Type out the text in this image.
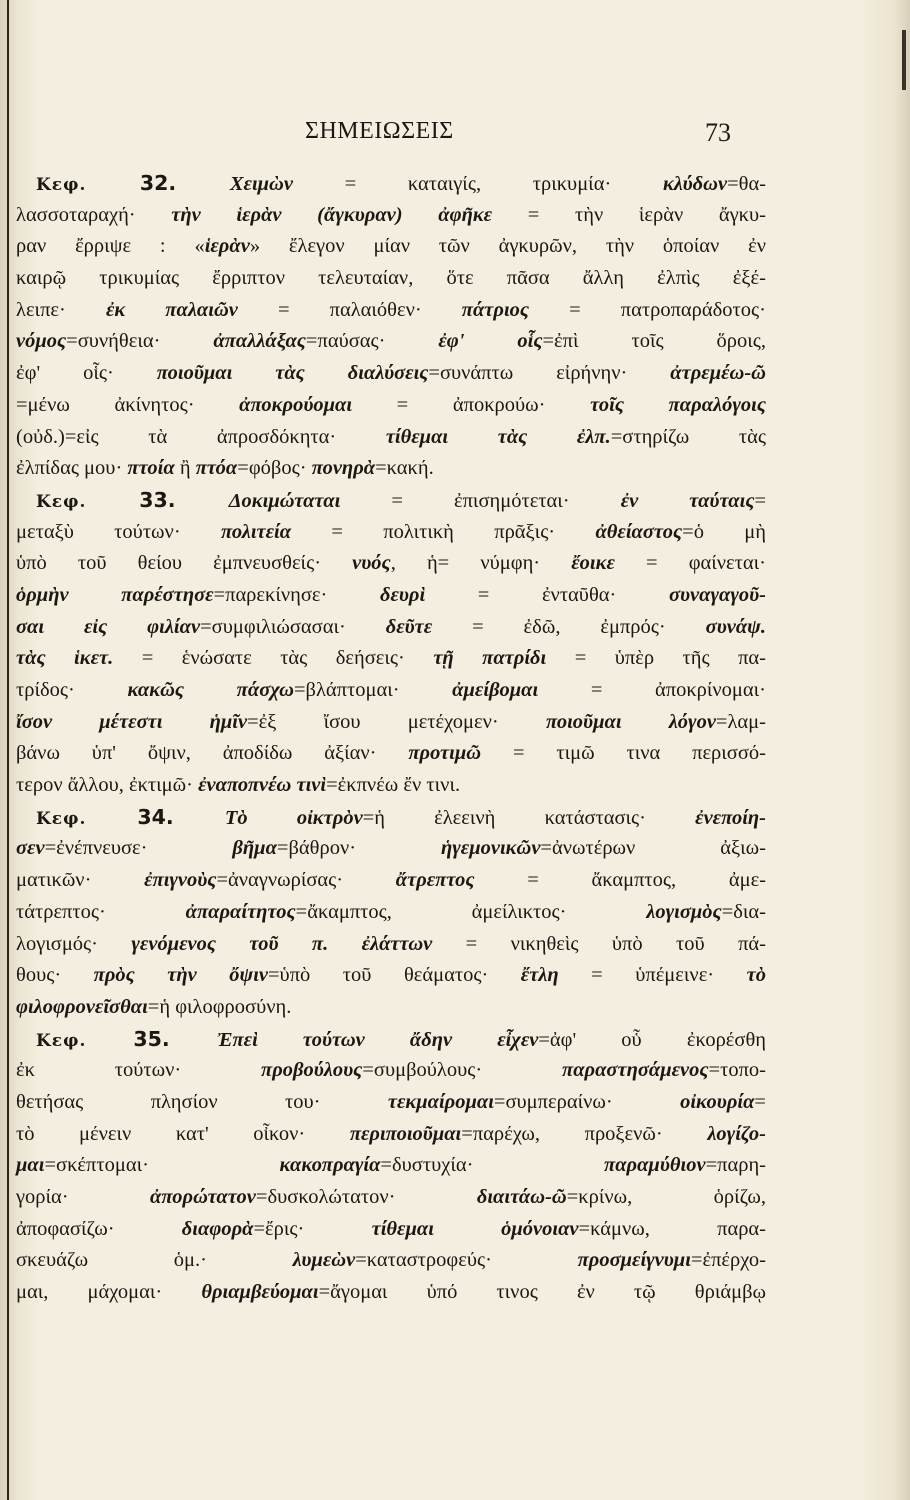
ΣΗΜΕΙΩΣΕΙΣ	73
Κεφ. 32. Χειμὼν = καταιγίς, τρικυμία· κλύδων=θα-
λασσοταραχή· τὴν ἱερὰν (ἄγκυραν) ἀφῆκε = τὴν ἱερὰν ἄγκυ-
ραν ἔρριψε : «ἱερὰν» ἔλεγον μίαν τῶν ἀγκυρῶν, τὴν ὁποίαν ἐν
καιρῷ τρικυμίας ἔρριπτον τελευταίαν, ὅτε πᾶσα ἄλλη ἐλπὶς ἐξέ-
λειπε· ἐκ παλαιῶν = παλαιόθεν· πάτριος = πατροπαράδοτος·
νόμος=συνήθεια· ἀπαλλάξας=παύσας· ἐφ' οἷς=ἐπὶ τοῖς ὅροις,
ἐφ' οἷς· ποιοῦμαι τὰς διαλύσεις=συνάπτω εἰρήνην· ἀτρεμέω-ῶ
=μένω ἀκίνητος· ἀποκρούομαι = ἀποκρούω· τοῖς παραλόγοις
(οὐδ.)=εἰς τὰ ἀπροσδόκητα· τίθεμαι τὰς ἐλπ.=στηρίζω τὰς
ἐλπίδας μου· πτοία ἢ πτόα=φόβος· πονηρὰ=κακή.
Κεφ. 33. Δοκιμώταται = ἐπισημότεται· ἐν ταύταις=
μεταξὺ τούτων· πολιτεία = πολιτικὴ πρᾶξις· ἀθείαστος=ὁ μὴ
ὑπὸ τοῦ θείου ἐμπνευσθείς· νυός, ἡ= νύμφη· ἔοικε = φαίνεται·
ὁρμὴν παρέστησε=παρεκίνησε· δευρὶ = ἐνταῦθα· συναγαγοῦ-
σαι εἰς φιλίαν=συμφιλιώσασαι· δεῦτε = ἐδῶ, ἐμπρός· συνάψ.
τὰς ἱκετ. = ἑνώσατε τὰς δεήσεις· τῇ πατρίδι = ὑπὲρ τῆς πα-
τρίδος· κακῶς πάσχω=βλάπτομαι· ἀμείβομαι = ἀποκρίνομαι·
ἴσον μέτεστι ἡμῖν=ἐξ ἴσου μετέχομεν· ποιοῦμαι λόγον=λαμ-
βάνω ὑπ' ὄψιν, ἀποδίδω ἀξίαν· προτιμῶ = τιμῶ τινα περισσό-
τερον ἄλλου, ἐκτιμῶ· ἐναποπνέω τινὶ=ἐκπνέω ἔν τινι.
Κεφ. 34. Τὸ οἰκτρὸν=ἡ ἐλεεινὴ κατάστασις· ἐνεποίη-
σεν=ἐνέπνευσε· βῆμα=βάθρον· ἡγεμονικῶν=ἀνωτέρων ἀξιω-
ματικῶν· ἐπιγνοὺς=ἀναγνωρίσας· ἄτρεπτος = ἄκαμπτος, ἀμε-
τάτρεπτος· ἀπαραίτητος=ἄκαμπτος, ἀμείλικτος· λογισμὸς=δια-
λογισμός· γενόμενος τοῦ π. ἐλάττων = νικηθεὶς ὑπὸ τοῦ πά-
θους· πρὸς τὴν ὄψιν=ὑπὸ τοῦ θεάματος· ἔτλη = ὑπέμεινε· τὸ
φιλοφρονεῖσθαι=ἡ φιλοφροσύνη.
Κεφ. 35. Ἐπεὶ τούτων ἄδην εἶχεν=ἀφ' οὗ ἐκορέσθη
ἐκ τούτων· προβούλους=συμβούλους· παραστησάμενος=τοπο-
θετήσας πλησίον του· τεκμαίρομαι=συμπεραίνω· οἰκουρία=
τὸ μένειν κατ' οἶκον· περιποιοῦμαι=παρέχω, προξενῶ· λογίζο-
μαι=σκέπτομαι· κακοπραγία=δυστυχία· παραμύθιον=παρη-
γορία· ἀπορώτατον=δυσκολώτατον· διαιτάω-ῶ=κρίνω, ὁρίζω,
ἀποφασίζω· διαφορὰ=ἔρις· τίθεμαι ὁμόνοιαν=κάμνω, παρα-
σκευάζω ὁμ.· λυμεὼν=καταστροφεύς· προσμείγνυμι=ἐπέρχο-
μαι, μάχομαι· θριαμβεύομαι=ἄγομαι ὑπό τινος ἐν τῷ θριάμβῳ
